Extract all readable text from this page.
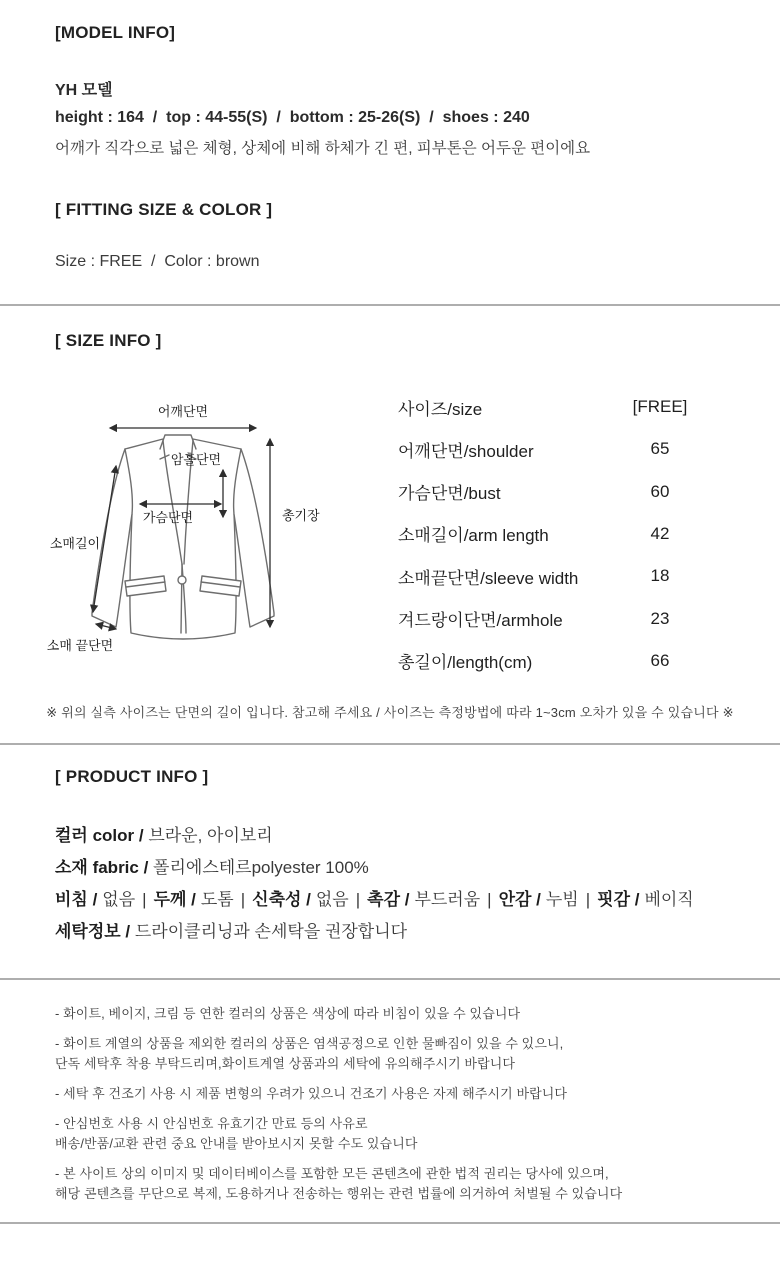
[MODEL INFO]
YH 모델
height : 164  /  top : 44-55(S)  /  bottom : 25-26(S)  /  shoes : 240
어깨가 직각으로 넓은 체형, 상체에 비해 하체가 긴 편, 피부톤은 어두운 편이에요
[ FITTING SIZE & COLOR ]
Size : FREE  /  Color : brown
[ SIZE INFO ]
어깨단면
암홀단면
가슴단면	총기장
소매길이
소매 끝단면
사이즈/size	[FREE]
어깨단면/shoulder	65
가슴단면/bust	60
소매길이/arm length	42
소매끝단면/sleeve width	18
겨드랑이단면/armhole	23
총길이/length(cm)	66
※ 위의 실측 사이즈는 단면의 길이 입니다. 참고해 주세요 / 사이즈는 측정방법에 따라 1~3cm 오차가 있을 수 있습니다 ※
[ PRODUCT INFO ]
컬러 color / 브라운, 아이보리
소재 fabric / 폴리에스테르polyester 100%
비침 / 없음 | 두께 / 도톰 | 신축성 / 없음 | 촉감 / 부드러움 | 안감 / 누빔 | 핏감 / 베이직
세탁정보 / 드라이클리닝과 손세탁을 권장합니다
- 화이트, 베이지, 크림 등 연한 컬러의 상품은 색상에 따라 비침이 있을 수 있습니다
- 화이트 계열의 상품을 제외한 컬러의 상품은 염색공정으로 인한 물빠짐이 있을 수 있으니,
단독 세탁후 착용 부탁드리며,화이트계열 상품과의 세탁에 유의해주시기 바랍니다
- 세탁 후 건조기 사용 시 제품 변형의 우려가 있으니 건조기 사용은 자제 해주시기 바랍니다
- 안심번호 사용 시 안심번호 유효기간 만료 등의 사유로
배송/반품/교환 관련 중요 안내를 받아보시지 못할 수도 있습니다
- 본 사이트 상의 이미지 및 데이터베이스를 포함한 모든 콘텐츠에 관한 법적 권리는 당사에 있으며,
해당 콘텐츠를 무단으로 복제, 도용하거나 전송하는 행위는 관련 법률에 의거하여 처벌될 수 있습니다
